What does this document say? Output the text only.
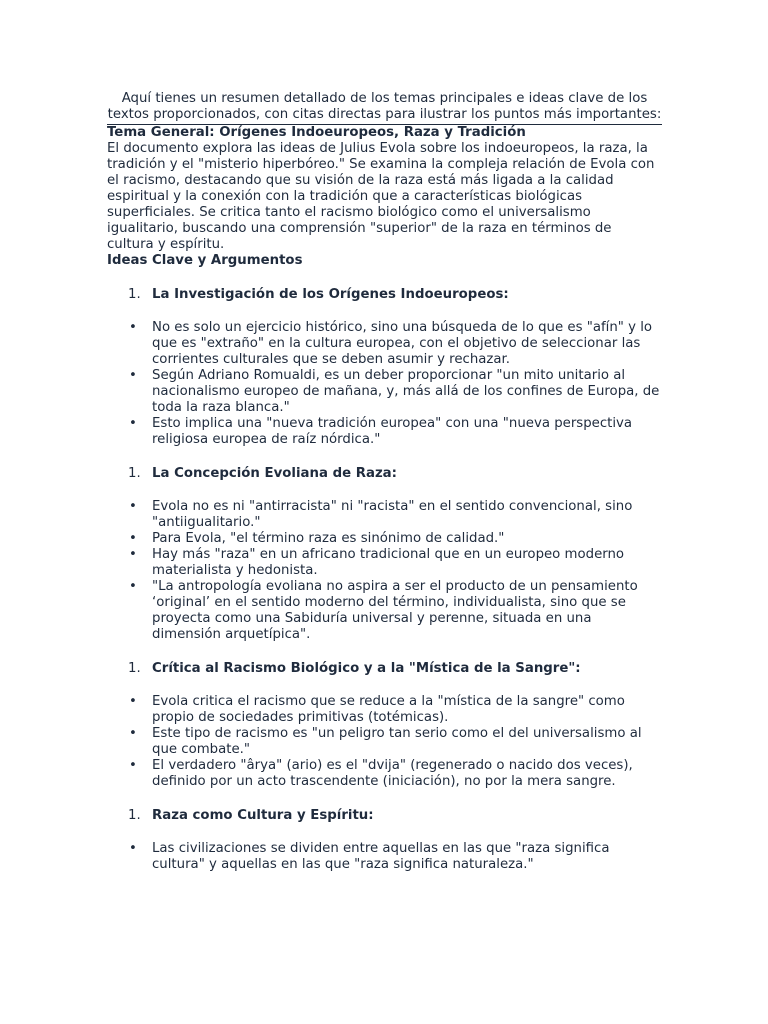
Aquí tienes un resumen detallado de los temas principales e ideas clave de los textos proporcionados, con citas directas para ilustrar los puntos más importantes:

Tema General: Orígenes Indoeuropeos, Raza y Tradición

El documento explora las ideas de Julius Evola sobre los indoeuropeos, la raza, la tradición y el "misterio hiperbóreo." Se examina la compleja relación de Evola con el racismo, destacando que su visión de la raza está más ligada a la calidad espiritual y la conexión con la tradición que a características biológicas superficiales. Se critica tanto el racismo biológico como el universalismo igualitario, buscando una comprensión "superior" de la raza en términos de cultura y espíritu.

Ideas Clave y Argumentos

1. La Investigación de los Orígenes Indoeuropeos:
• No es solo un ejercicio histórico, sino una búsqueda de lo que es "afín" y lo que es "extraño" en la cultura europea, con el objetivo de seleccionar las corrientes culturales que se deben asumir y rechazar.
• Según Adriano Romualdi, es un deber proporcionar "un mito unitario al nacionalismo europeo de mañana, y, más allá de los confines de Europa, de toda la raza blanca."
• Esto implica una "nueva tradición europea" con una "nueva perspectiva religiosa europea de raíz nórdica."
1. La Concepción Evoliana de Raza:
• Evola no es ni "antirracista" ni "racista" en el sentido convencional, sino "antiigualitario."
• Para Evola, "el término raza es sinónimo de calidad."
• Hay más "raza" en un africano tradicional que en un europeo moderno materialista y hedonista.
• "La antropología evoliana no aspira a ser el producto de un pensamiento ‘original’ en el sentido moderno del término, individualista, sino que se proyecta como una Sabiduría universal y perenne, situada en una dimensión arquetípica".
1. Crítica al Racismo Biológico y a la "Mística de la Sangre":
• Evola critica el racismo que se reduce a la "mística de la sangre" como propio de sociedades primitivas (totémicas).
• Este tipo de racismo es "un peligro tan serio como el del universalismo al que combate."
• El verdadero "ârya" (ario) es el "dvija" (regenerado o nacido dos veces), definido por un acto trascendente (iniciación), no por la mera sangre.
1. Raza como Cultura y Espíritu:
• Las civilizaciones se dividen entre aquellas en las que "raza significa cultura" y aquellas en las que "raza significa naturaleza."
